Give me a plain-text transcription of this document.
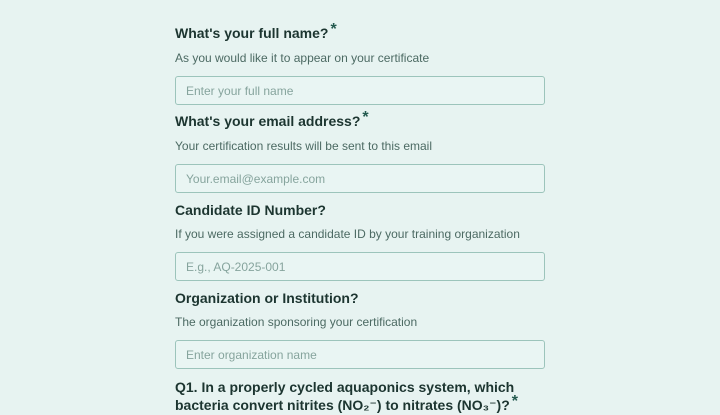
What's your full name? *
As you would like it to appear on your certificate
Enter your full name
What's your email address? *
Your certification results will be sent to this email
Your.email@example.com
Candidate ID Number?
If you were assigned a candidate ID by your training organization
E.g., AQ-2025-001
Organization or Institution?
The organization sponsoring your certification
Enter organization name
Q1. In a properly cycled aquaponics system, which bacteria convert nitrites (NO₂⁻) to nitrates (NO₃⁻)? *
